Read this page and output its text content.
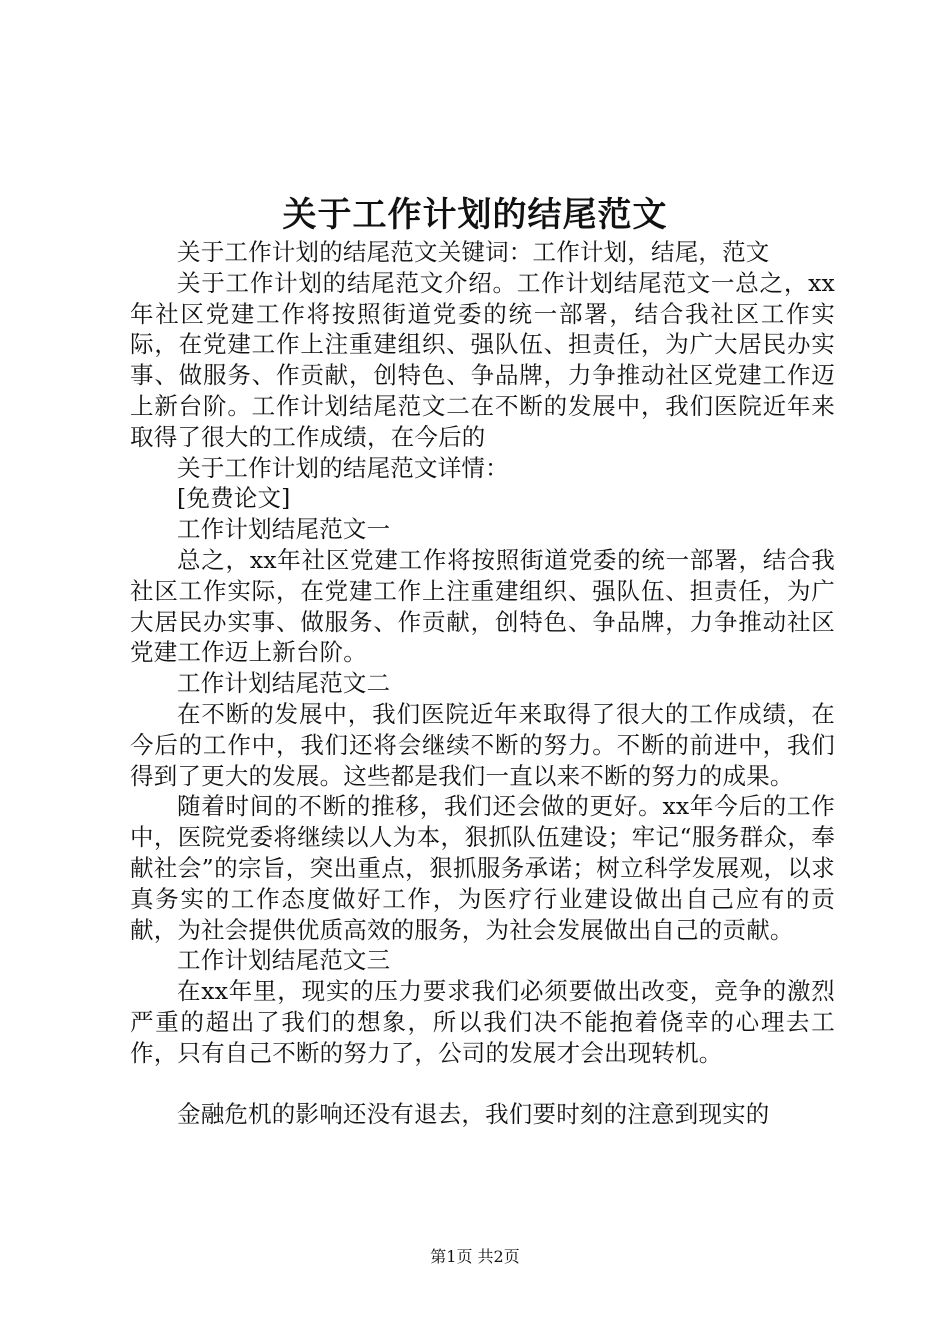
关于工作计划的结尾范文

关于工作计划的结尾范文关键词：工作计划，结尾，范文

关于工作计划的结尾范文介绍。工作计划结尾范文一总之，xx年社区党建工作将按照街道党委的统一部署，结合我社区工作实际，在党建工作上注重建组织、强队伍、担责任，为广大居民办实事、做服务、作贡献，创特色、争品牌，力争推动社区党建工作迈上新台阶。工作计划结尾范文二在不断的发展中，我们医院近年来取得了很大的工作成绩，在今后的

关于工作计划的结尾范文详情：

[免费论文]

工作计划结尾范文一

总之，xx年社区党建工作将按照街道党委的统一部署，结合我社区工作实际，在党建工作上注重建组织、强队伍、担责任，为广大居民办实事、做服务、作贡献，创特色、争品牌，力争推动社区党建工作迈上新台阶。

工作计划结尾范文二

在不断的发展中，我们医院近年来取得了很大的工作成绩，在今后的工作中，我们还将会继续不断的努力。不断的前进中，我们得到了更大的发展。这些都是我们一直以来不断的努力的成果。

随着时间的不断的推移，我们还会做的更好。xx年今后的工作中，医院党委将继续以人为本，狠抓队伍建设；牢记“服务群众，奉献社会”的宗旨，突出重点，狠抓服务承诺；树立科学发展观，以求真务实的工作态度做好工作，为医疗行业建设做出自己应有的贡献，为社会提供优质高效的服务，为社会发展做出自己的贡献。

工作计划结尾范文三

在xx年里，现实的压力要求我们必须要做出改变，竞争的激烈严重的超出了我们的想象，所以我们决不能抱着侥幸的心理去工作，只有自己不断的努力了，公司的发展才会出现转机。

金融危机的影响还没有退去，我们要时刻的注意到现实的

第1页 共2页
